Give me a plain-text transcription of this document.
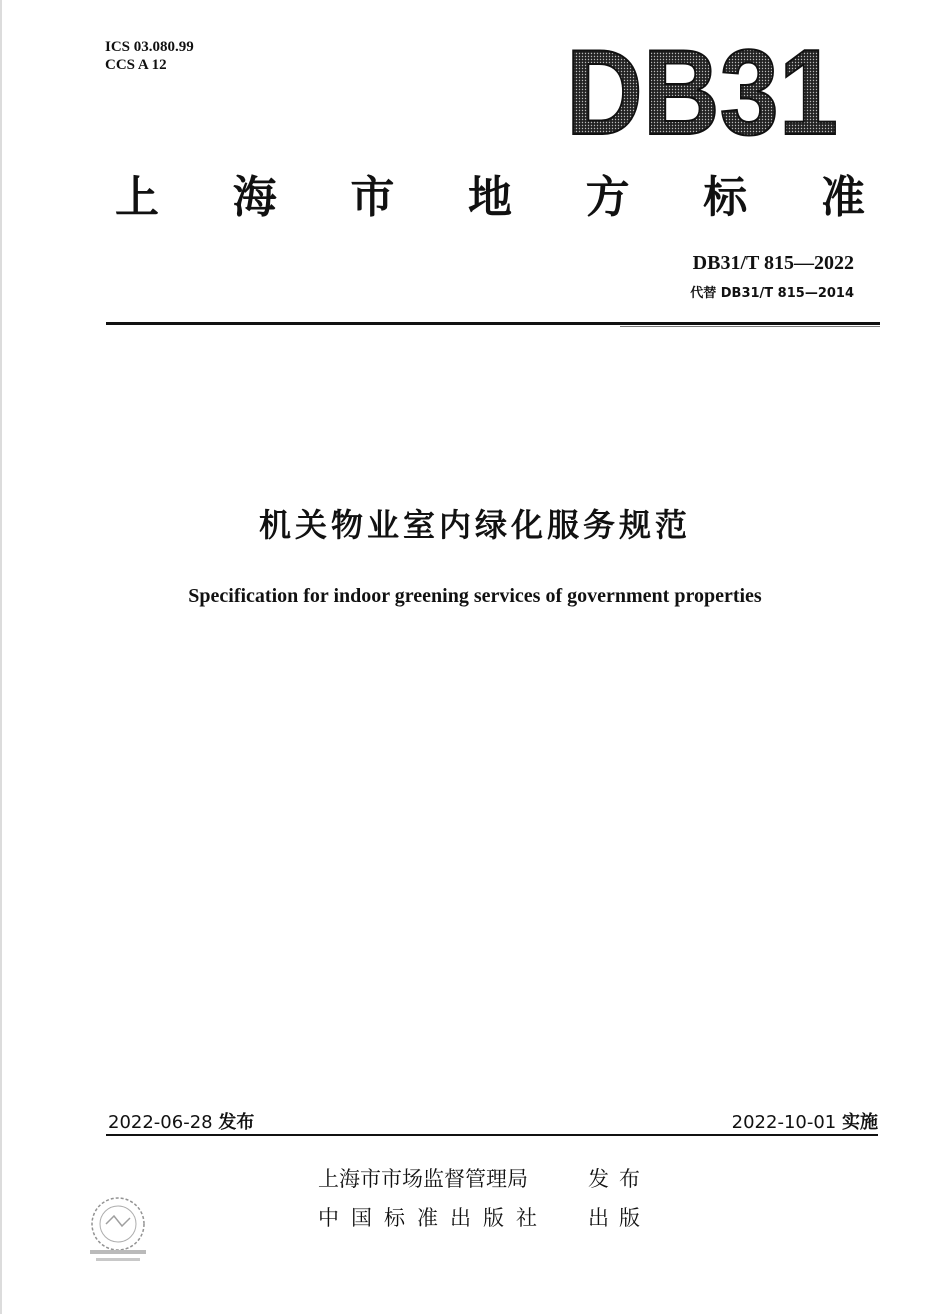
ICS 03.080.99
CCS A 12	DB31
上 海 市 地 方 标 准
DB31/T 815—2022
代替 DB31/T 815—2014
机关物业室内绿化服务规范
Specification for indoor greening services of government properties
2022-06-28 发布	2022-10-01 实施
上海市市场监督管理局	发布
中国标准出版社	出版
